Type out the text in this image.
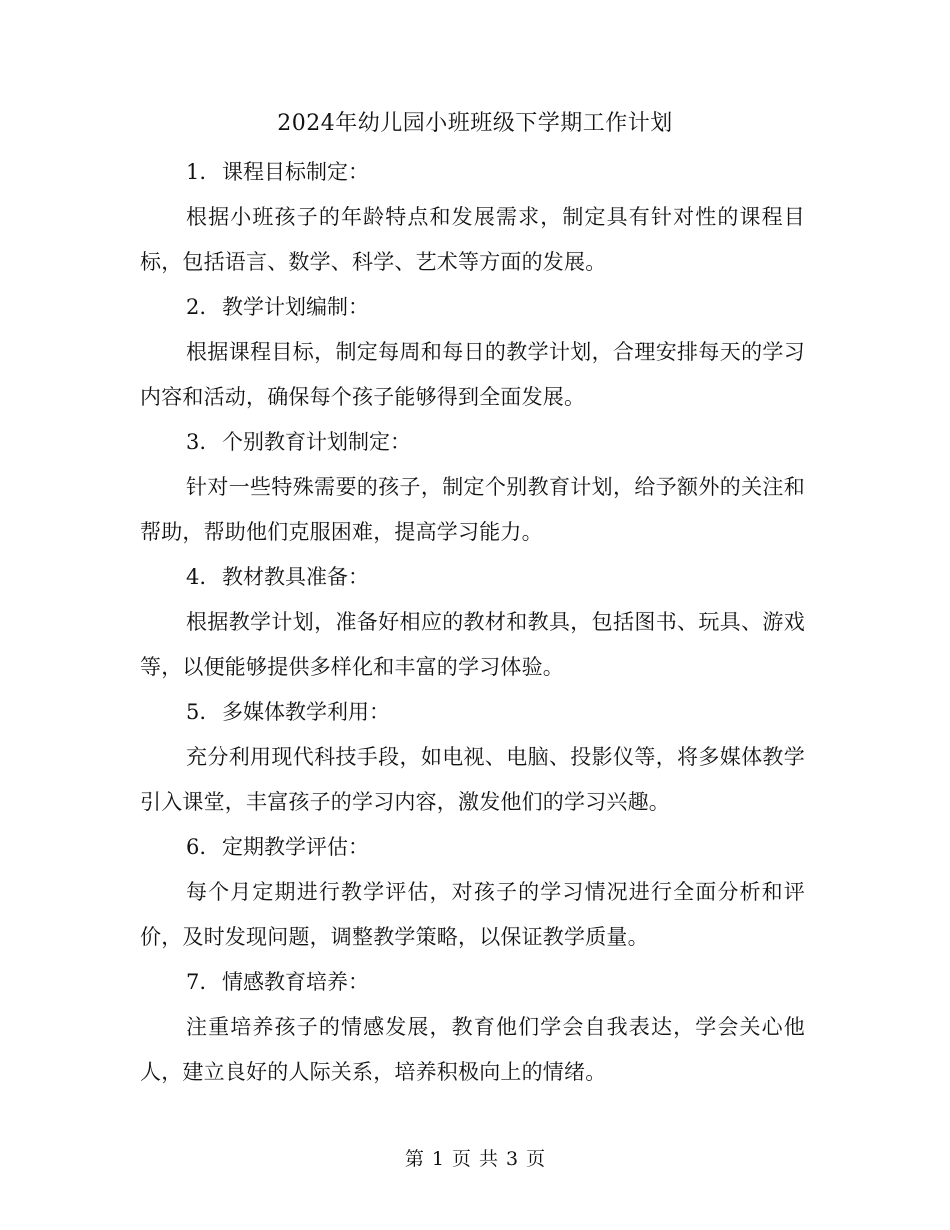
2024年幼儿园小班班级下学期工作计划

1. 课程目标制定：

根据小班孩子的年龄特点和发展需求，制定具有针对性的课程目标，包括语言、数学、科学、艺术等方面的发展。

2. 教学计划编制：

根据课程目标，制定每周和每日的教学计划，合理安排每天的学习内容和活动，确保每个孩子能够得到全面发展。

3. 个别教育计划制定：

针对一些特殊需要的孩子，制定个别教育计划，给予额外的关注和帮助，帮助他们克服困难，提高学习能力。

4. 教材教具准备：

根据教学计划，准备好相应的教材和教具，包括图书、玩具、游戏等，以便能够提供多样化和丰富的学习体验。

5. 多媒体教学利用：

充分利用现代科技手段，如电视、电脑、投影仪等，将多媒体教学引入课堂，丰富孩子的学习内容，激发他们的学习兴趣。

6. 定期教学评估：

每个月定期进行教学评估，对孩子的学习情况进行全面分析和评价，及时发现问题，调整教学策略，以保证教学质量。

7. 情感教育培养：

注重培养孩子的情感发展，教育他们学会自我表达，学会关心他人，建立良好的人际关系，培养积极向上的情绪。

第 1 页 共 3 页
